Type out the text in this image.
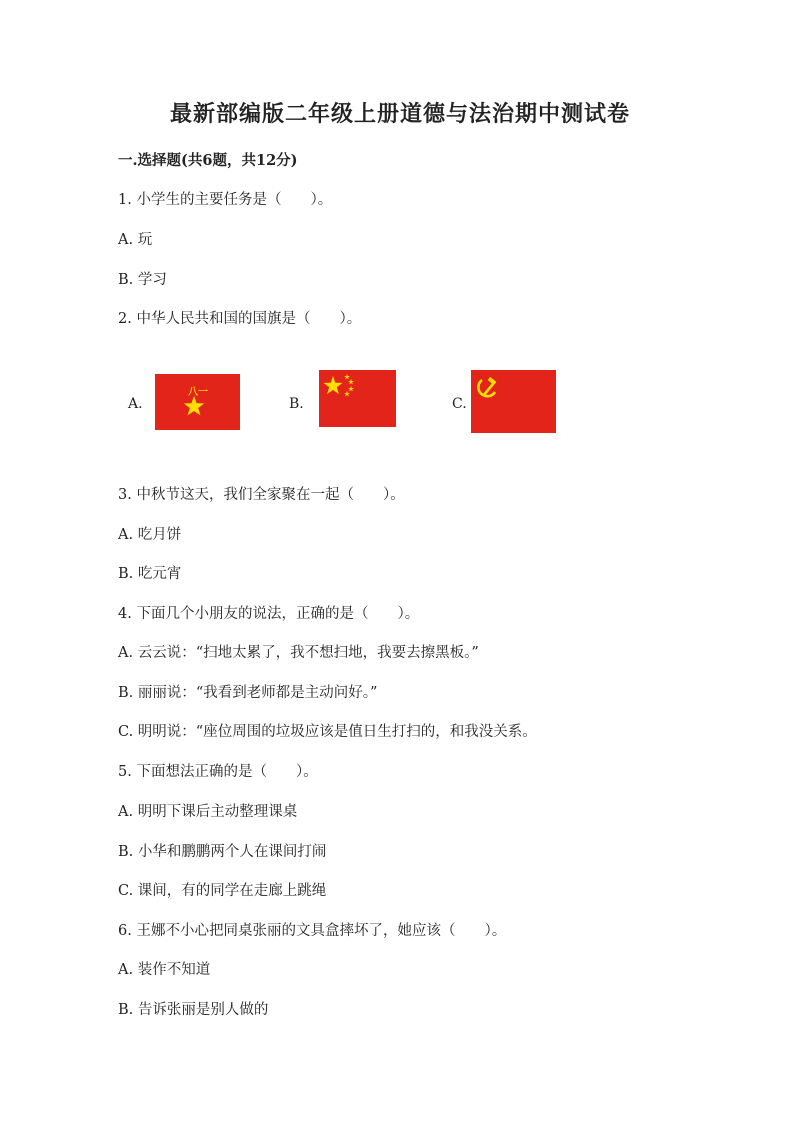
最新部编版二年级上册道德与法治期中测试卷
一.选择题(共6题，共12分)
1. 小学生的主要任务是（　　）。
A. 玩
B. 学习
2. 中华人民共和国的国旗是（　　）。
A.
八一
B.	C.
3. 中秋节这天，我们全家聚在一起（　　）。
A. 吃月饼
B. 吃元宵
4. 下面几个小朋友的说法，正确的是（　　）。
A. 云云说：“扫地太累了，我不想扫地，我要去擦黑板。”
B. 丽丽说：“我看到老师都是主动问好。”
C. 明明说：“座位周围的垃圾应该是值日生打扫的，和我没关系。
5. 下面想法正确的是（　　）。
A. 明明下课后主动整理课桌
B. 小华和鹏鹏两个人在课间打闹
C. 课间，有的同学在走廊上跳绳
6. 王娜不小心把同桌张丽的文具盒摔坏了，她应该（　　）。
A. 装作不知道
B. 告诉张丽是别人做的
